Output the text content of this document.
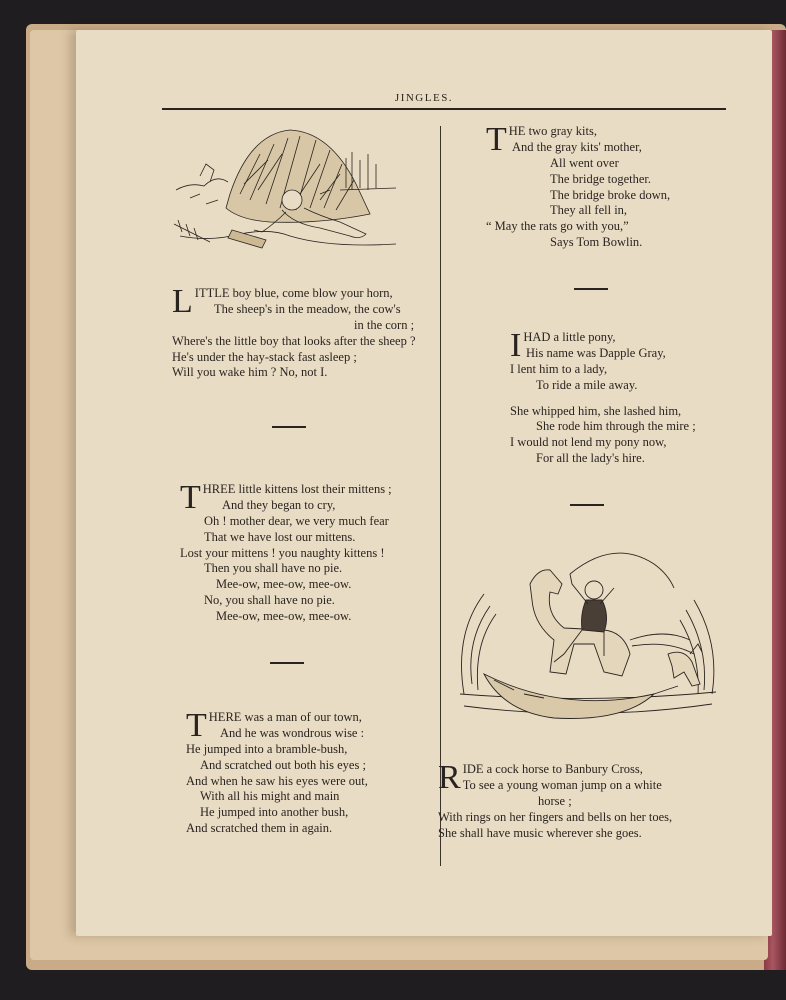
JINGLES.
L ITTLE boy blue, come blow your horn,
The sheep's in the meadow, the cow's
in the corn ;
Where's the little boy that looks after the sheep ?
He's under the hay-stack fast asleep ;
Will you wake him ? No, not I.
T HREE little kittens lost their mittens ;
And they began to cry,
Oh ! mother dear, we very much fear
That we have lost our mittens.
Lost your mittens ! you naughty kittens !
Then you shall have no pie.
Mee-ow, mee-ow, mee-ow.
No, you shall have no pie.
Mee-ow, mee-ow, mee-ow.
T HERE was a man of our town,
And he was wondrous wise :
He jumped into a bramble-bush,
And scratched out both his eyes ;
And when he saw his eyes were out,
With all his might and main
He jumped into another bush,
And scratched them in again.
T HE two gray kits,
And the gray kits' mother,
All went over
The bridge together.
The bridge broke down,
They all fell in,
“ May the rats go with you,”
Says Tom Bowlin.
I HAD a little pony,
His name was Dapple Gray,
I lent him to a lady,
To ride a mile away.
She whipped him, she lashed him,
She rode him through the mire ;
I would not lend my pony now,
For all the lady's hire.
R IDE a cock horse to Banbury Cross,
To see a young woman jump on a white
horse ;
With rings on her fingers and bells on her toes,
She shall have music wherever she goes.
